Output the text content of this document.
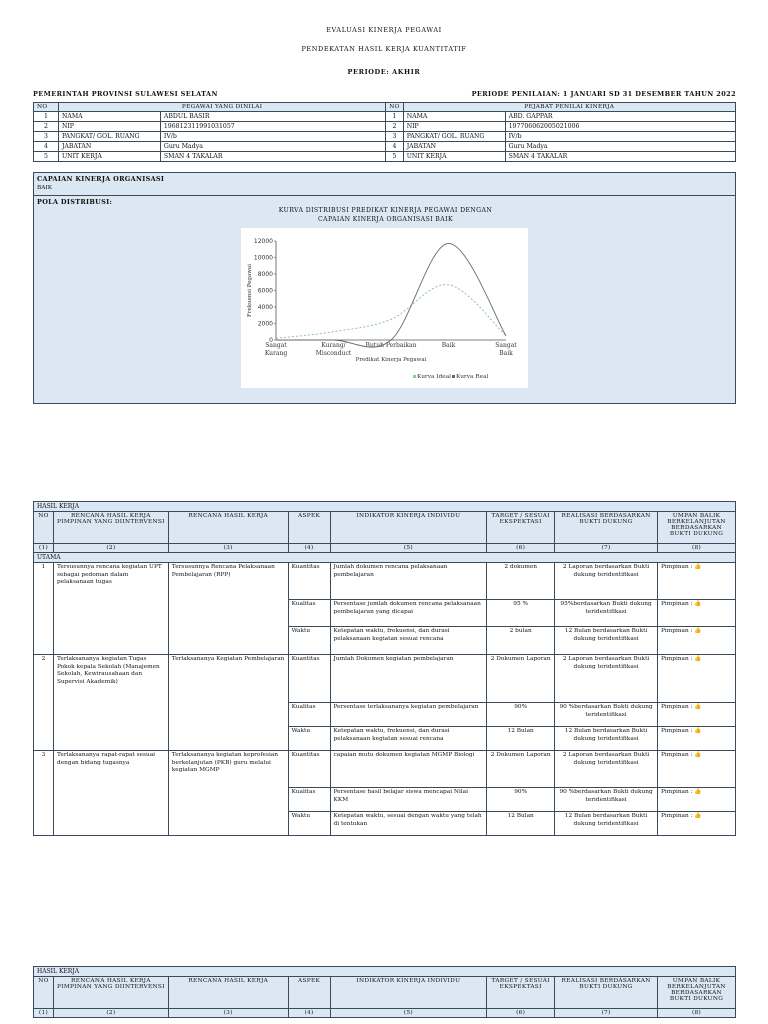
EVALUASI KINERJA PEGAWAI
PENDEKATAN HASIL KERJA KUANTITATIF
PERIODE: AKHIR
PEMERINTAH PROVINSI SULAWESI SELATAN	PERIODE PENILAIAN: 1 JANUARI SD 31 DESEMBER TAHUN 2022
NO	PEGAWAI YANG DINILAI		NO	PEJABAT PENILAI KINERJA	
1	NAMA	ABDUL BASIR	1	NAMA	ABD. GAPPAR
2	NIP	196812311991031057	2	NIP	197706062005021006
3	PANGKAT/ GOL. RUANG	IV/b	3	PANGKAT/ GOL. RUANG	IV/b
4	JABATAN	Guru Madya	4	JABATAN	Guru Madya
5	UNIT KERJA	SMAN 4 TAKALAR	5	UNIT KERJA	SMAN 4 TAKALAR
CAPAIAN KINERJA ORGANISASI
BAIK
POLA DISTRIBUSI:
KURVA DISTRIBUSI PREDIKAT KINERJA PEGAWAI DENGAN
CAPAIAN KINERJA ORGANISASI BAIK
0
2000
4000
6000
8000
10000
12000
Sangat
Kurang
Kurang/
Misconduct
Butuh Perbaikan	Baik	Sangat
Baik
Predikat Kinerja Pegawai
Frekuensi Pegawai
Kurva Ideal Kurva Real
HASIL KERJA							
NO	RENCANA HASIL KERJA PIMPINAN YANG DIINTERVENSI	RENCANA HASIL KERJA	ASPEK	INDIKATOR KINERJA INDIVIDU	TARGET / SESUAI EKSPEKTASI	REALISASI BERDASARKAN BUKTI DUKUNG	UMPAN BALIK BERKELANJUTAN BERDASARKAN BUKTI DUKUNG
(1)	(2)	(3)	(4)	(5)	(6)	(7)	(8)
UTAMA							
1	Tersusunnya rencana kegiatan UPT sebagai pedoman dalam pelaksanaan tugas	Tersusunnya Rencana Pelaksanaan Pembelajaran (RPP)	Kuantitas	Jumlah dokumen rencana pelaksanaan pembelajaran	2 dokumen	2 Laporan berdasarkan Bukti dukung teridentifikasi	Pimpinan : 👍
			Kualitas	Persentase jumlah dokumen rencana pelaksanaan pembelajaran yang dicapai	95 %	95%berdasarkan Bukti dukung teridentifikasi	Pimpinan : 👍
			Waktu	Ketepatan waktu, frekuensi, dan durasi pelaksanaan kegiatan sesuai rencana	2 bulan	12 Bulan berdasarkan Bukti dukung teridentifikasi	Pimpinan : 👍
2	Terlaksananya kegiatan Tugas Pokok kepala Sekolah (Manajemen Sekolah, Kewirausahaan dan Supervisi Akademik)	Terlaksananya Kegiatan Pembelajaran	Kuantitas	Jumlah Dokumen kegiatan pembelajaran	2 Dokumen Laporan	2 Laporan berdasarkan Bukti dukung teridentifikasi	Pimpinan : 👍
			Kualitas	Persentase terlaksananya kegiatan pembelajaran	90%	90 %berdasarkan Bukti dukung teridentifikasi	Pimpinan : 👍
			Waktu	Ketepatan waktu, frekuensi, dan durasi pelaksanaan kegiatan sesuai rencana	12 Bulan	12 Bulan berdasarkan Bukti dukung teridentifikasi	Pimpinan : 👍
3	Terlaksananya rapat-rapat sesuai dengan bidang tugasnya	Terlaksananya kegiatan keprofesian berkelanjutan (PKB) guru melalui kegiatan MGMP	Kuantitas	capaian mutu dokumen kegiatan MGMP Biologi	2 Dokumen Laporan	2 Laporan berdasarkan Bukti dukung teridentifikasi	Pimpinan : 👍
			Kualitas	Persentase hasil belajar siswa mencapai Nilai KKM	90%	90 %berdasarkan Bukti dukung teridentifikasi	Pimpinan : 👍
			Waktu	Ketepatan waktu, sesuai dengan waktu yang telah di tentukan	12 Bulan	12 Bulan berdasarkan Bukti dukung teridentifikasi	Pimpinan : 👍
HASIL KERJA							
NO	RENCANA HASIL KERJA PIMPINAN YANG DIINTERVENSI	RENCANA HASIL KERJA	ASPEK	INDIKATOR KINERJA INDIVIDU	TARGET / SESUAI EKSPEKTASI	REALISASI BERDASARKAN BUKTI DUKUNG	UMPAN BALIK BERKELANJUTAN BERDASARKAN BUKTI DUKUNG
(1)	(2)	(3)	(4)	(5)	(6)	(7)	(8)
